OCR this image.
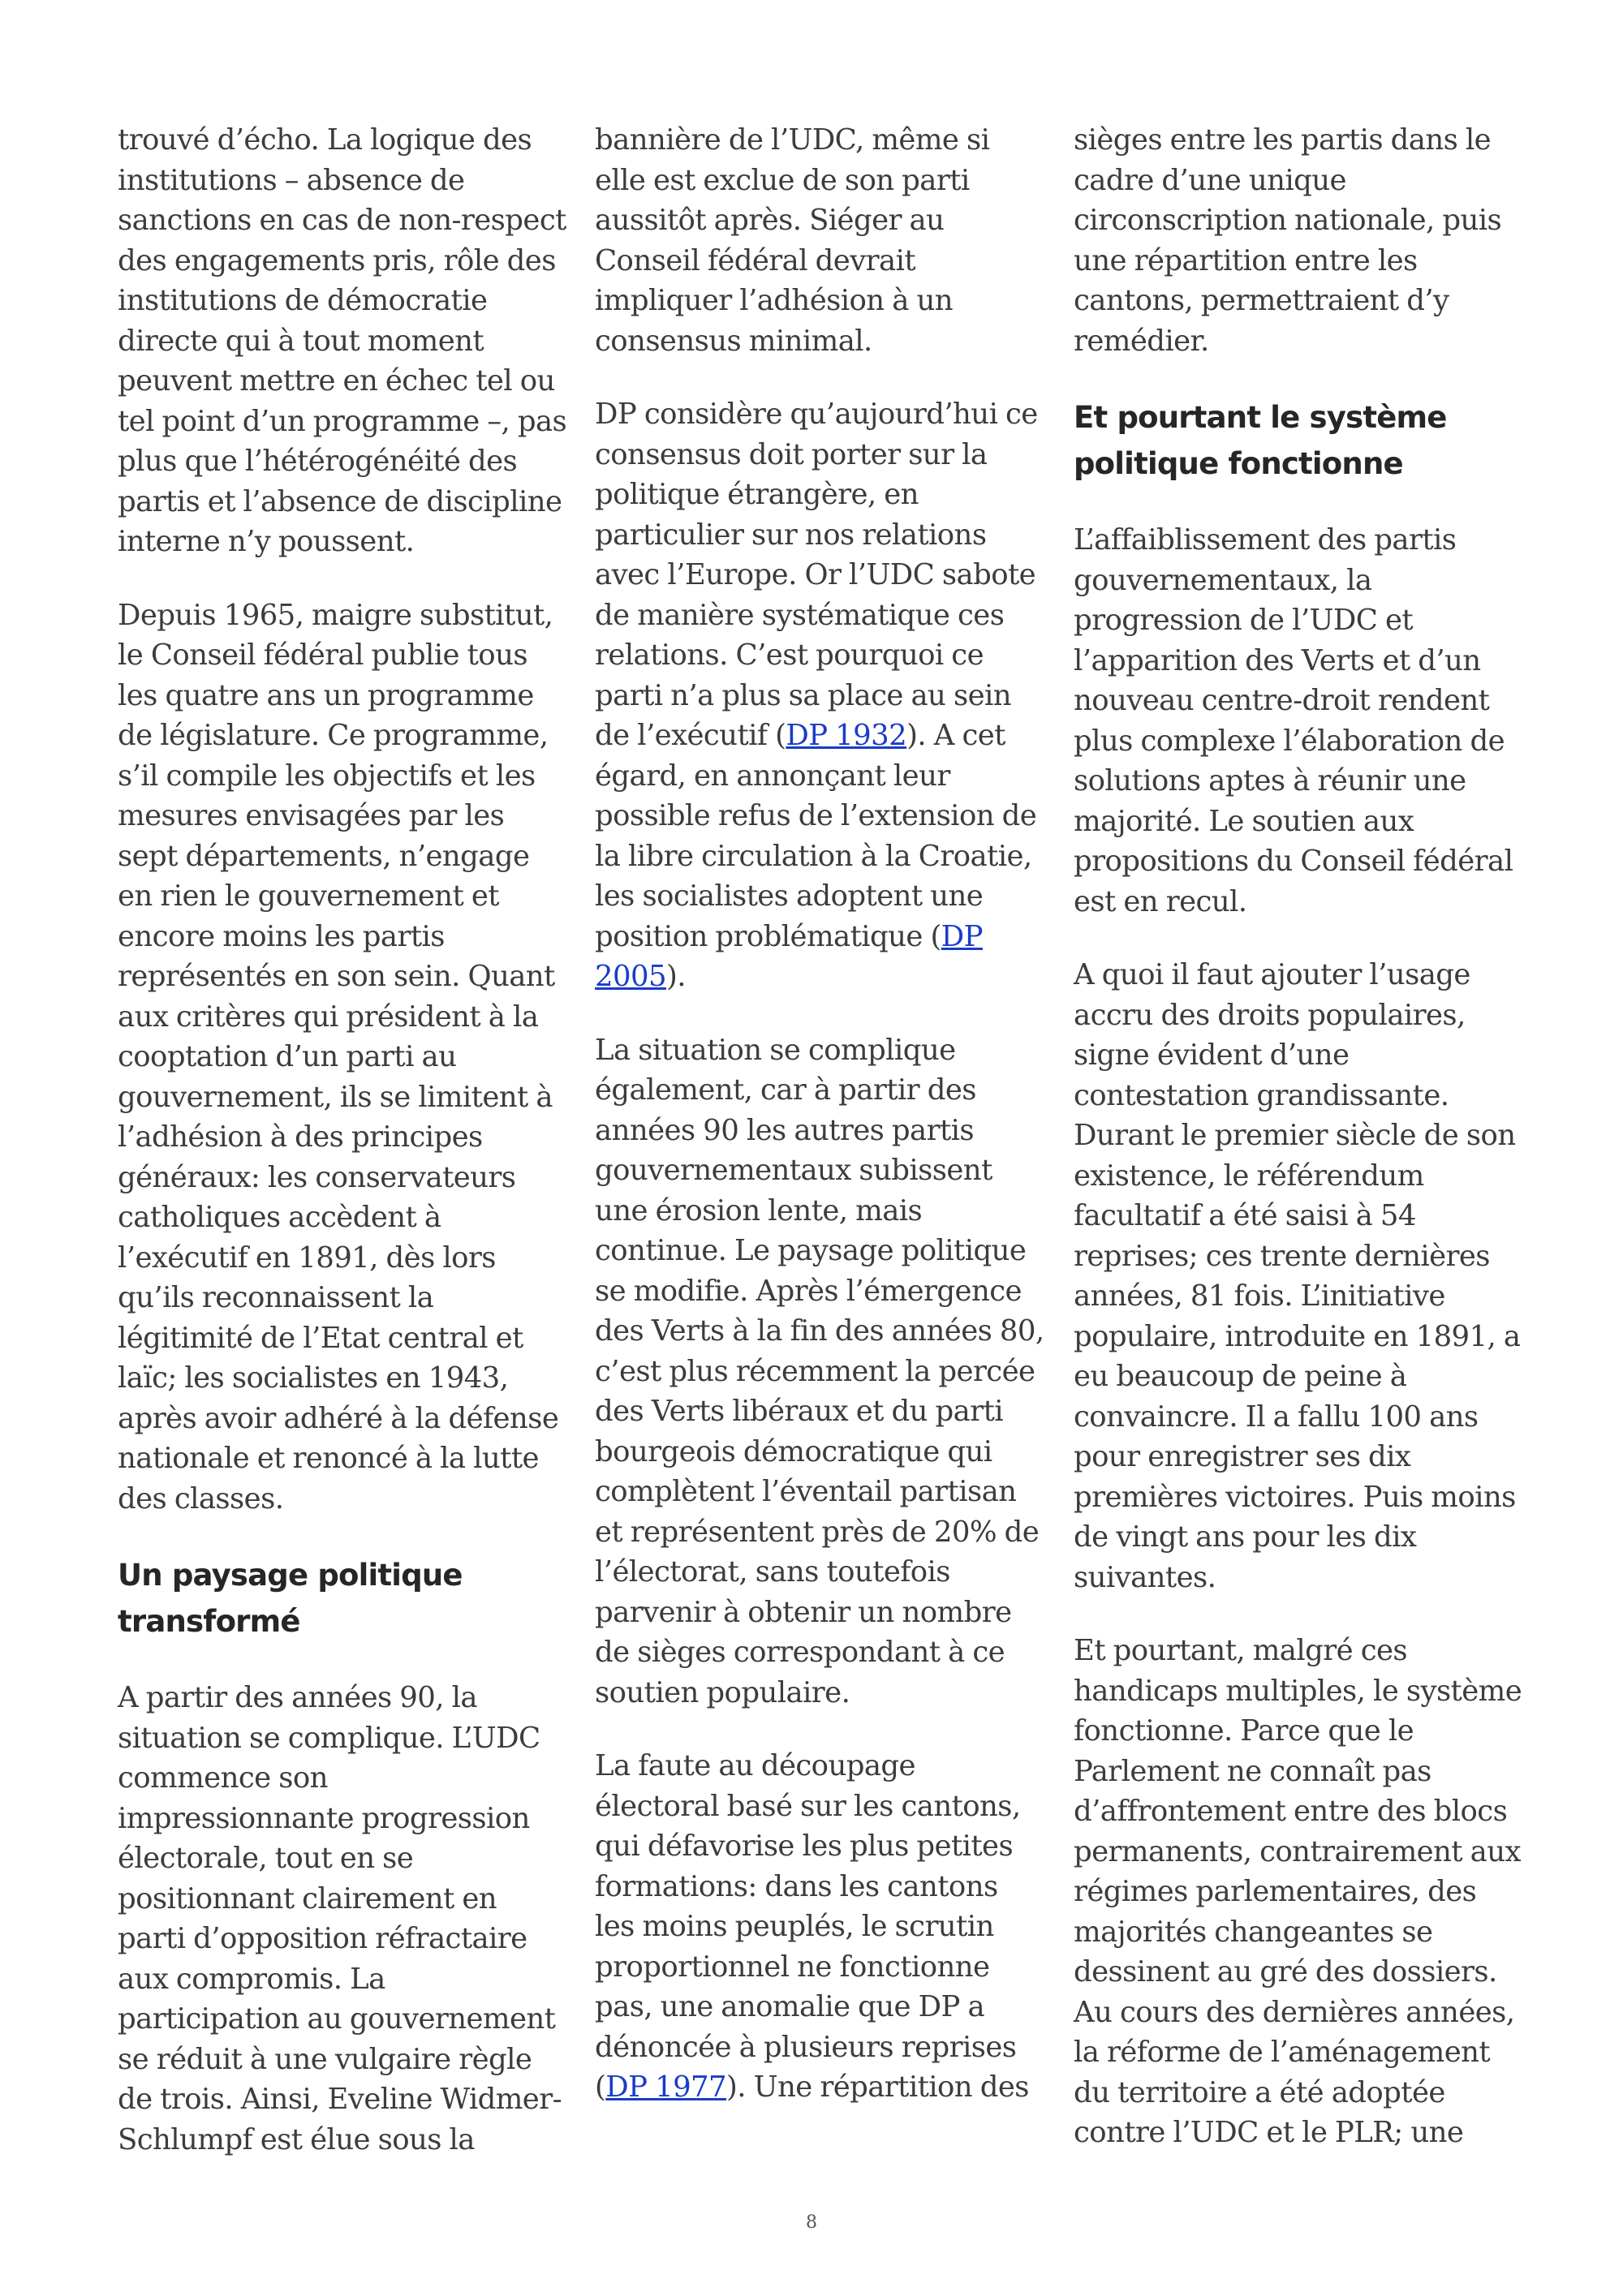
trouvé d’écho. La logique des institutions – absence de sanctions en cas de non-respect des engagements pris, rôle des institutions de démocratie directe qui à tout moment peuvent mettre en échec tel ou tel point d’un programme –, pas plus que l’hétérogénéité des partis et l’absence de discipline interne n’y poussent.

Depuis 1965, maigre substitut, le Conseil fédéral publie tous les quatre ans un programme de législature. Ce programme, s’il compile les objectifs et les mesures envisagées par les sept départements, n’engage en rien le gouvernement et encore moins les partis représentés en son sein. Quant aux critères qui président à la cooptation d’un parti au gouvernement, ils se limitent à l’adhésion à des principes généraux: les conservateurs catholiques accèdent à l’exécutif en 1891, dès lors qu’ils reconnaissent la légitimité de l’Etat central et laïc; les socialistes en 1943, après avoir adhéré à la défense nationale et renoncé à la lutte des classes.

Un paysage politique transformé

A partir des années 90, la situation se complique. L’UDC commence son impressionnante progression électorale, tout en se positionnant clairement en parti d’opposition réfractaire aux compromis. La participation au gouvernement se réduit à une vulgaire règle de trois. Ainsi, Eveline Widmer-Schlumpf est élue sous la

bannière de l’UDC, même si elle est exclue de son parti aussitôt après. Siéger au Conseil fédéral devrait impliquer l’adhésion à un consensus minimal.

DP considère qu’aujourd’hui ce consensus doit porter sur la politique étrangère, en particulier sur nos relations avec l’Europe. Or l’UDC sabote de manière systématique ces relations. C’est pourquoi ce parti n’a plus sa place au sein de l’exécutif (DP 1932). A cet égard, en annonçant leur possible refus de l’extension de la libre circulation à la Croatie, les socialistes adoptent une position problématique (DP 2005).

La situation se complique également, car à partir des années 90 les autres partis gouvernementaux subissent une érosion lente, mais continue. Le paysage politique se modifie. Après l’émergence des Verts à la fin des années 80, c’est plus récemment la percée des Verts libéraux et du parti bourgeois démocratique qui complètent l’éventail partisan et représentent près de 20% de l’électorat, sans toutefois parvenir à obtenir un nombre de sièges correspondant à ce soutien populaire.

La faute au découpage électoral basé sur les cantons, qui défavorise les plus petites formations: dans les cantons les moins peuplés, le scrutin proportionnel ne fonctionne pas, une anomalie que DP a dénoncée à plusieurs reprises (DP 1977). Une répartition des

sièges entre les partis dans le cadre d’une unique circonscription nationale, puis une répartition entre les cantons, permettraient d’y remédier.

Et pourtant le système politique fonctionne

L’affaiblissement des partis gouvernementaux, la progression de l’UDC et l’apparition des Verts et d’un nouveau centre-droit rendent plus complexe l’élaboration de solutions aptes à réunir une majorité. Le soutien aux propositions du Conseil fédéral est en recul.

A quoi il faut ajouter l’usage accru des droits populaires, signe évident d’une contestation grandissante. Durant le premier siècle de son existence, le référendum facultatif a été saisi à 54 reprises; ces trente dernières années, 81 fois. L’initiative populaire, introduite en 1891, a eu beaucoup de peine à convaincre. Il a fallu 100 ans pour enregistrer ses dix premières victoires. Puis moins de vingt ans pour les dix suivantes.

Et pourtant, malgré ces handicaps multiples, le système fonctionne. Parce que le Parlement ne connaît pas d’affrontement entre des blocs permanents, contrairement aux régimes parlementaires, des majorités changeantes se dessinent au gré des dossiers. Au cours des dernières années, la réforme de l’aménagement du territoire a été adoptée contre l’UDC et le PLR; une

8
